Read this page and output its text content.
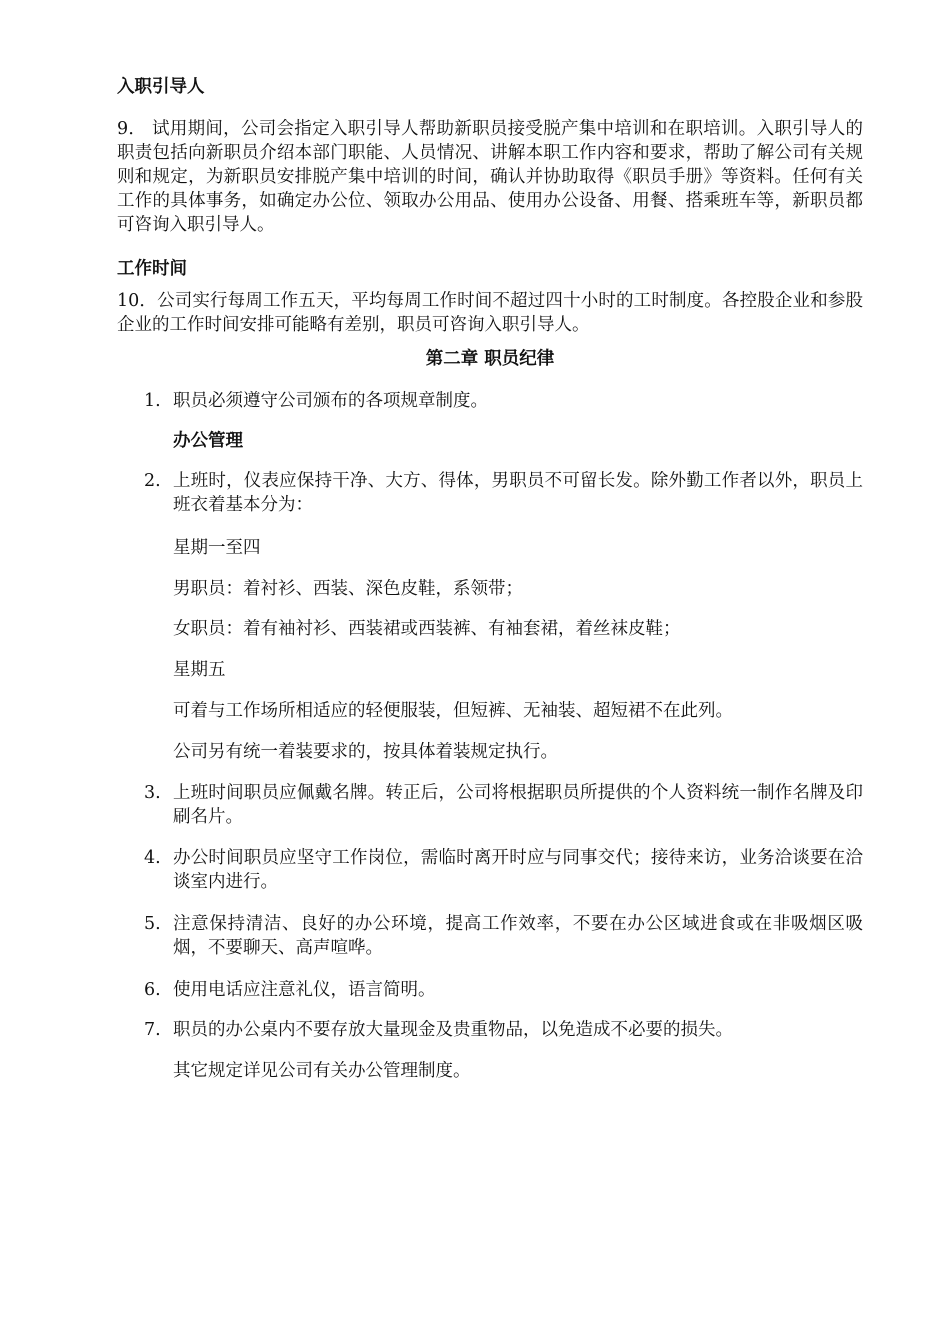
入职引导人
9． 试用期间，公司会指定入职引导人帮助新职员接受脱产集中培训和在职培训。入职引导人的职责包括向新职员介绍本部门职能、人员情况、讲解本职工作内容和要求，帮助了解公司有关规则和规定，为新职员安排脱产集中培训的时间，确认并协助取得《职员手册》等资料。任何有关工作的具体事务，如确定办公位、领取办公用品、使用办公设备、用餐、搭乘班车等，新职员都可咨询入职引导人。
工作时间
10．公司实行每周工作五天，平均每周工作时间不超过四十小时的工时制度。各控股企业和参股企业的工作时间安排可能略有差别，职员可咨询入职引导人。
第二章 职员纪律
1. 职员必须遵守公司颁布的各项规章制度。
办公管理
2. 上班时，仪表应保持干净、大方、得体，男职员不可留长发。除外勤工作者以外，职员上班衣着基本分为：
星期一至四
男职员：着衬衫、西装、深色皮鞋，系领带；
女职员：着有袖衬衫、西装裙或西装裤、有袖套裙，着丝袜皮鞋；
星期五
可着与工作场所相适应的轻便服装，但短裤、无袖装、超短裙不在此列。
公司另有统一着装要求的，按具体着装规定执行。
3. 上班时间职员应佩戴名牌。转正后，公司将根据职员所提供的个人资料统一制作名牌及印刷名片。
4. 办公时间职员应坚守工作岗位，需临时离开时应与同事交代；接待来访，业务洽谈要在洽谈室内进行。
5. 注意保持清洁、良好的办公环境，提高工作效率，不要在办公区域进食或在非吸烟区吸烟，不要聊天、高声喧哗。
6. 使用电话应注意礼仪，语言简明。
7. 职员的办公桌内不要存放大量现金及贵重物品，以免造成不必要的损失。
其它规定详见公司有关办公管理制度。
